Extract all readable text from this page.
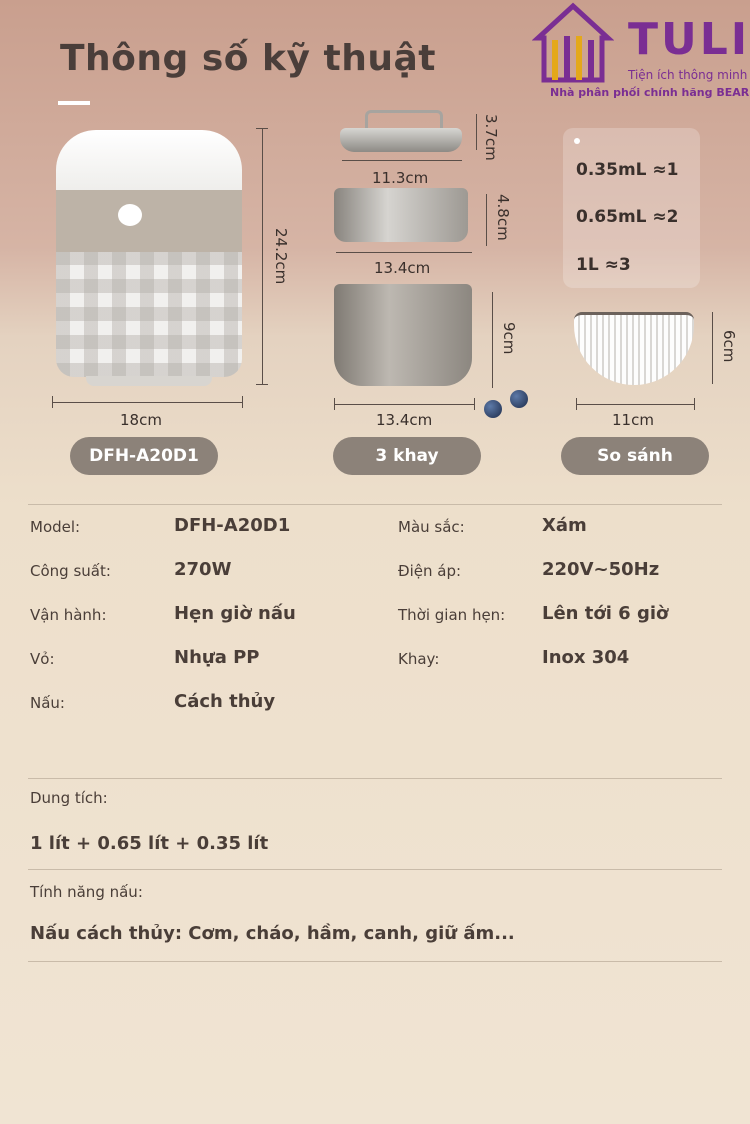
Thông số kỹ thuật	TULI
Tiện ích thông minh
Nhà phân phối chính hãng BEAR
24.2cm
18cm
11.3cm
3.7cm
13.4cm
4.8cm
9cm
13.4cm
0.35mL ≈1
0.65mL ≈2
1L ≈3
6cm
11cm
DFH-A20D1	3 khay	So sánh
Model:	DFH-A20D1	Màu sắc:	Xám
Công suất:	270W	Điện áp:	220V~50Hz
Vận hành:	Hẹn giờ nấu	Thời gian hẹn: Lên tới 6 giờ
Vỏ:	Nhựa PP	Khay:	Inox 304
Nấu:	Cách thủy
Dung tích:
1 lít + 0.65 lít + 0.35 lít
Tính năng nấu:
Nấu cách thủy: Cơm, cháo, hầm, canh, giữ ấm...
